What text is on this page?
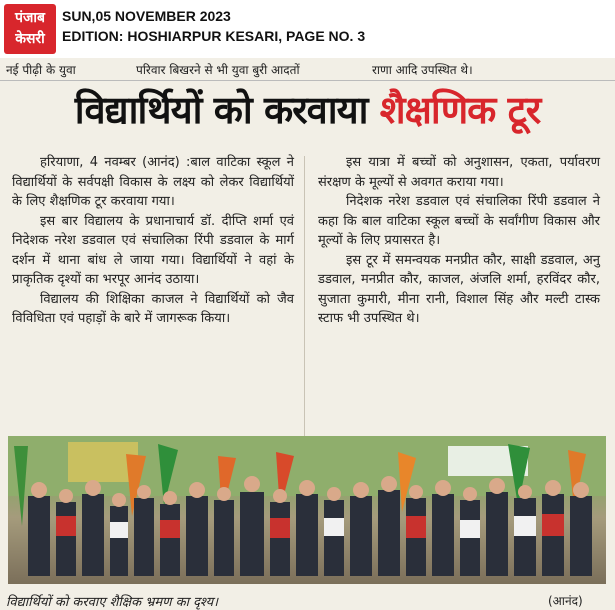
पंजाब
केसरी
SUN,05 NOVEMBER 2023
EDITION: HOSHIARPUR KESARI, PAGE NO. 3
नई पीढ़ी के युवा	परिवार बिखरने से भी युवा बुरी आदतों	राणा आदि उपस्थित थे।
विद्यार्थियों को करवाया शैक्षणिक टूर

हरियाणा, 4 नवम्बर (आनंद) :बाल वाटिका स्कूल ने विद्यार्थियों के सर्वपक्षी विकास के लक्ष्य को लेकर विद्यार्थियों के लिए शैक्षणिक टूर करवाया गया।

इस बार विद्यालय के प्रधानाचार्य डॉ. दीप्ति शर्मा एवं निदेशक नरेश डडवाल एवं संचालिका रिंपी डडवाल के मार्ग दर्शन में थाना बांध ले जाया गया। विद्यार्थियों ने वहां के प्राकृतिक दृश्यों का भरपूर आनंद उठाया।

विद्यालय की शिक्षिका काजल ने विद्यार्थियों को जैव विविधिता एवं पहाड़ों के बारे में जागरूक किया।

इस यात्रा में बच्चों को अनुशासन, एकता, पर्यावरण संरक्षण के मूल्यों से अवगत कराया गया।

निदेशक नरेश डडवाल एवं संचालिका रिंपी डडवाल ने कहा कि बाल वाटिका स्कूल बच्चों के सर्वांगीण विकास और मूल्यों के लिए प्रयासरत है।

इस टूर में समन्वयक मनप्रीत कौर, साक्षी डडवाल, अनु डडवाल, मनप्रीत कौर, काजल, अंजलि शर्मा, हरविंदर कौर, सुजाता कुमारी, मीना रानी, विशाल सिंह और मल्टी टास्क स्टाफ भी उपस्थित थे।

विद्यार्थियों को करवाए शैक्षिक भ्रमण का दृश्य।	(आनंद)
